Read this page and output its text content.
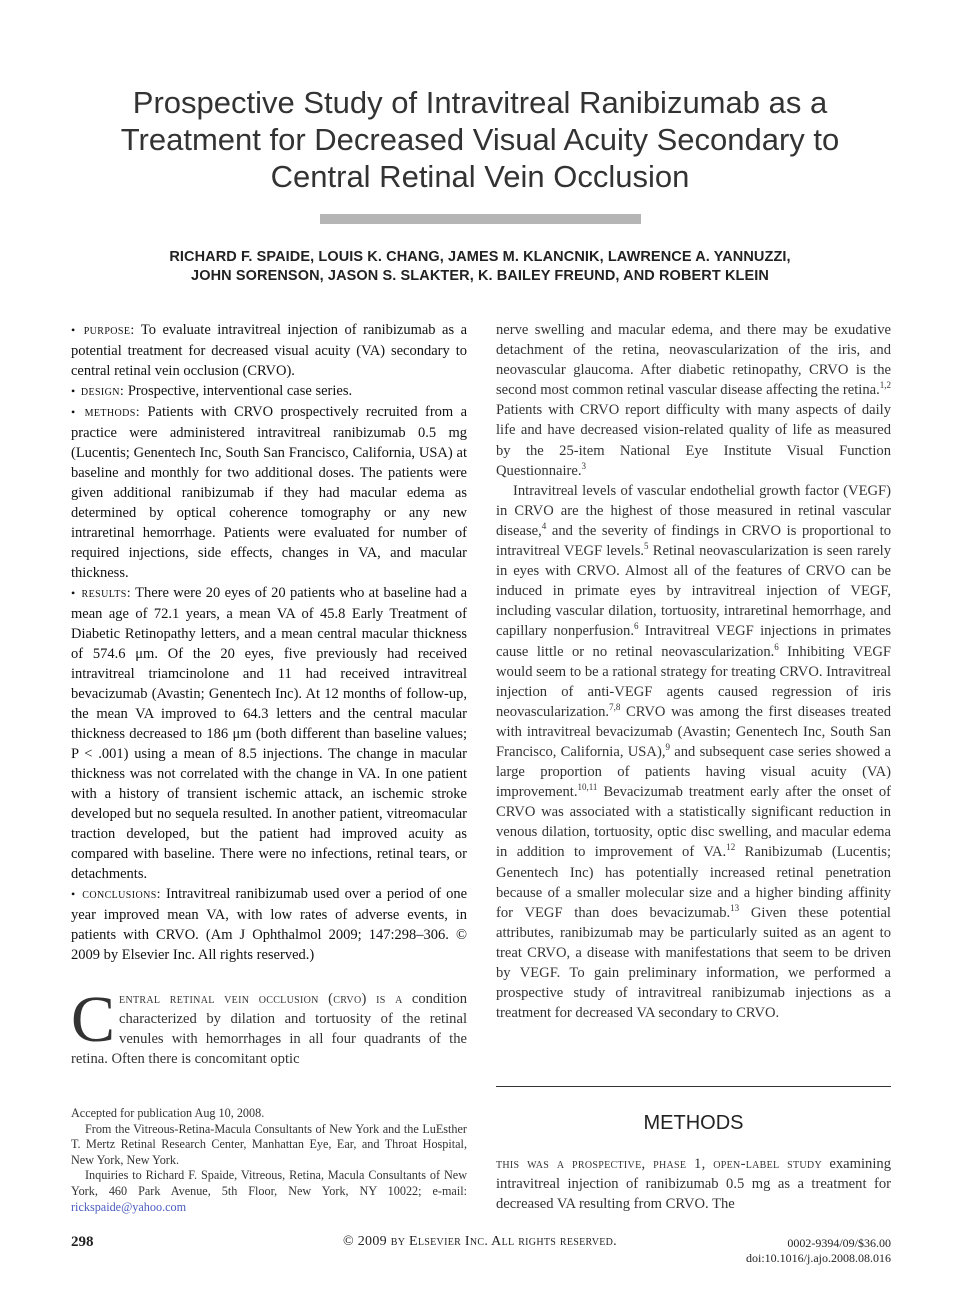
Prospective Study of Intravitreal Ranibizumab as a Treatment for Decreased Visual Acuity Secondary to Central Retinal Vein Occlusion
RICHARD F. SPAIDE, LOUIS K. CHANG, JAMES M. KLANCNIK, LAWRENCE A. YANNUZZI,
JOHN SORENSON, JASON S. SLAKTER, K. BAILEY FREUND, AND ROBERT KLEIN

• purpose: To evaluate intravitreal injection of ranibizumab as a potential treatment for decreased visual acuity (VA) secondary to central retinal vein occlusion (CRVO).

• design: Prospective, interventional case series.

• methods: Patients with CRVO prospectively recruited from a practice were administered intravitreal ranibizumab 0.5 mg (Lucentis; Genentech Inc, South San Francisco, California, USA) at baseline and monthly for two additional doses. The patients were given additional ranibizumab if they had macular edema as determined by optical coherence tomography or any new intraretinal hemorrhage. Patients were evaluated for number of required injections, side effects, changes in VA, and macular thickness.

• results: There were 20 eyes of 20 patients who at baseline had a mean age of 72.1 years, a mean VA of 45.8 Early Treatment of Diabetic Retinopathy letters, and a mean central macular thickness of 574.6 μm. Of the 20 eyes, five previously had received intravitreal triamcinolone and 11 had received intravitreal bevacizumab (Avastin; Genentech Inc). At 12 months of follow-up, the mean VA improved to 64.3 letters and the central macular thickness decreased to 186 μm (both different than baseline values; P < .001) using a mean of 8.5 injections. The change in macular thickness was not correlated with the change in VA. In one patient with a history of transient ischemic attack, an ischemic stroke developed but no sequela resulted. In another patient, vitreomacular traction developed, but the patient had improved acuity as compared with baseline. There were no infections, retinal tears, or detachments.

• conclusions: Intravitreal ranibizumab used over a period of one year improved mean VA, with low rates of adverse events, in patients with CRVO. (Am J Ophthalmol 2009; 147:298–306. © 2009 by Elsevier Inc. All rights reserved.)

Central retinal vein occlusion (crvo) is a condition characterized by dilation and tortuosity of the retinal venules with hemorrhages in all four quadrants of the retina. Often there is concomitant optic

Accepted for publication Aug 10, 2008.

From the Vitreous-Retina-Macula Consultants of New York and the LuEsther T. Mertz Retinal Research Center, Manhattan Eye, Ear, and Throat Hospital, New York, New York.

Inquiries to Richard F. Spaide, Vitreous, Retina, Macula Consultants of New York, 460 Park Avenue, 5th Floor, New York, NY 10022; e-mail: rickspaide@yahoo.com

nerve swelling and macular edema, and there may be exudative detachment of the retina, neovascularization of the iris, and neovascular glaucoma. After diabetic retinopathy, CRVO is the second most common retinal vascular disease affecting the retina.$^{1,2}$ Patients with CRVO report difficulty with many aspects of daily life and have decreased vision-related quality of life as measured by the 25-item National Eye Institute Visual Function Questionnaire.$^3$

Intravitreal levels of vascular endothelial growth factor (VEGF) in CRVO are the highest of those measured in retinal vascular disease,$^4$ and the severity of findings in CRVO is proportional to intravitreal VEGF levels.$^5$ Retinal neovascularization is seen rarely in eyes with CRVO. Almost all of the features of CRVO can be induced in primate eyes by intravitreal injection of VEGF, including vascular dilation, tortuosity, intraretinal hemorrhage, and capillary nonperfusion.$^6$ Intravitreal VEGF injections in primates cause little or no retinal neovascularization.$^6$ Inhibiting VEGF would seem to be a rational strategy for treating CRVO. Intravitreal injection of anti-VEGF agents caused regression of iris neovascularization.$^{7,8}$ CRVO was among the first diseases treated with intravitreal bevacizumab (Avastin; Genentech Inc, South San Francisco, California, USA),$^9$ and subsequent case series showed a large proportion of patients having visual acuity (VA) improvement.$^{10,11}$ Bevacizumab treatment early after the onset of CRVO was associated with a statistically significant reduction in venous dilation, tortuosity, optic disc swelling, and macular edema in addition to improvement of VA.$^{12}$ Ranibizumab (Lucentis; Genentech Inc) has potentially increased retinal penetration because of a smaller molecular size and a higher binding affinity for VEGF than does bevacizumab.$^{13}$ Given these potential attributes, ranibizumab may be particularly suited as an agent to treat CRVO, a disease with manifestations that seem to be driven by VEGF. To gain preliminary information, we performed a prospective study of intravitreal ranibizumab injections as a treatment for decreased VA secondary to CRVO.

METHODS

this was a prospective, phase 1, open-label study examining intravitreal injection of ranibizumab 0.5 mg as a treatment for decreased VA resulting from CRVO. The

298	© 2009 by Elsevier Inc. All rights reserved.	0002-9394/09/$36.00
doi:10.1016/j.ajo.2008.08.016
